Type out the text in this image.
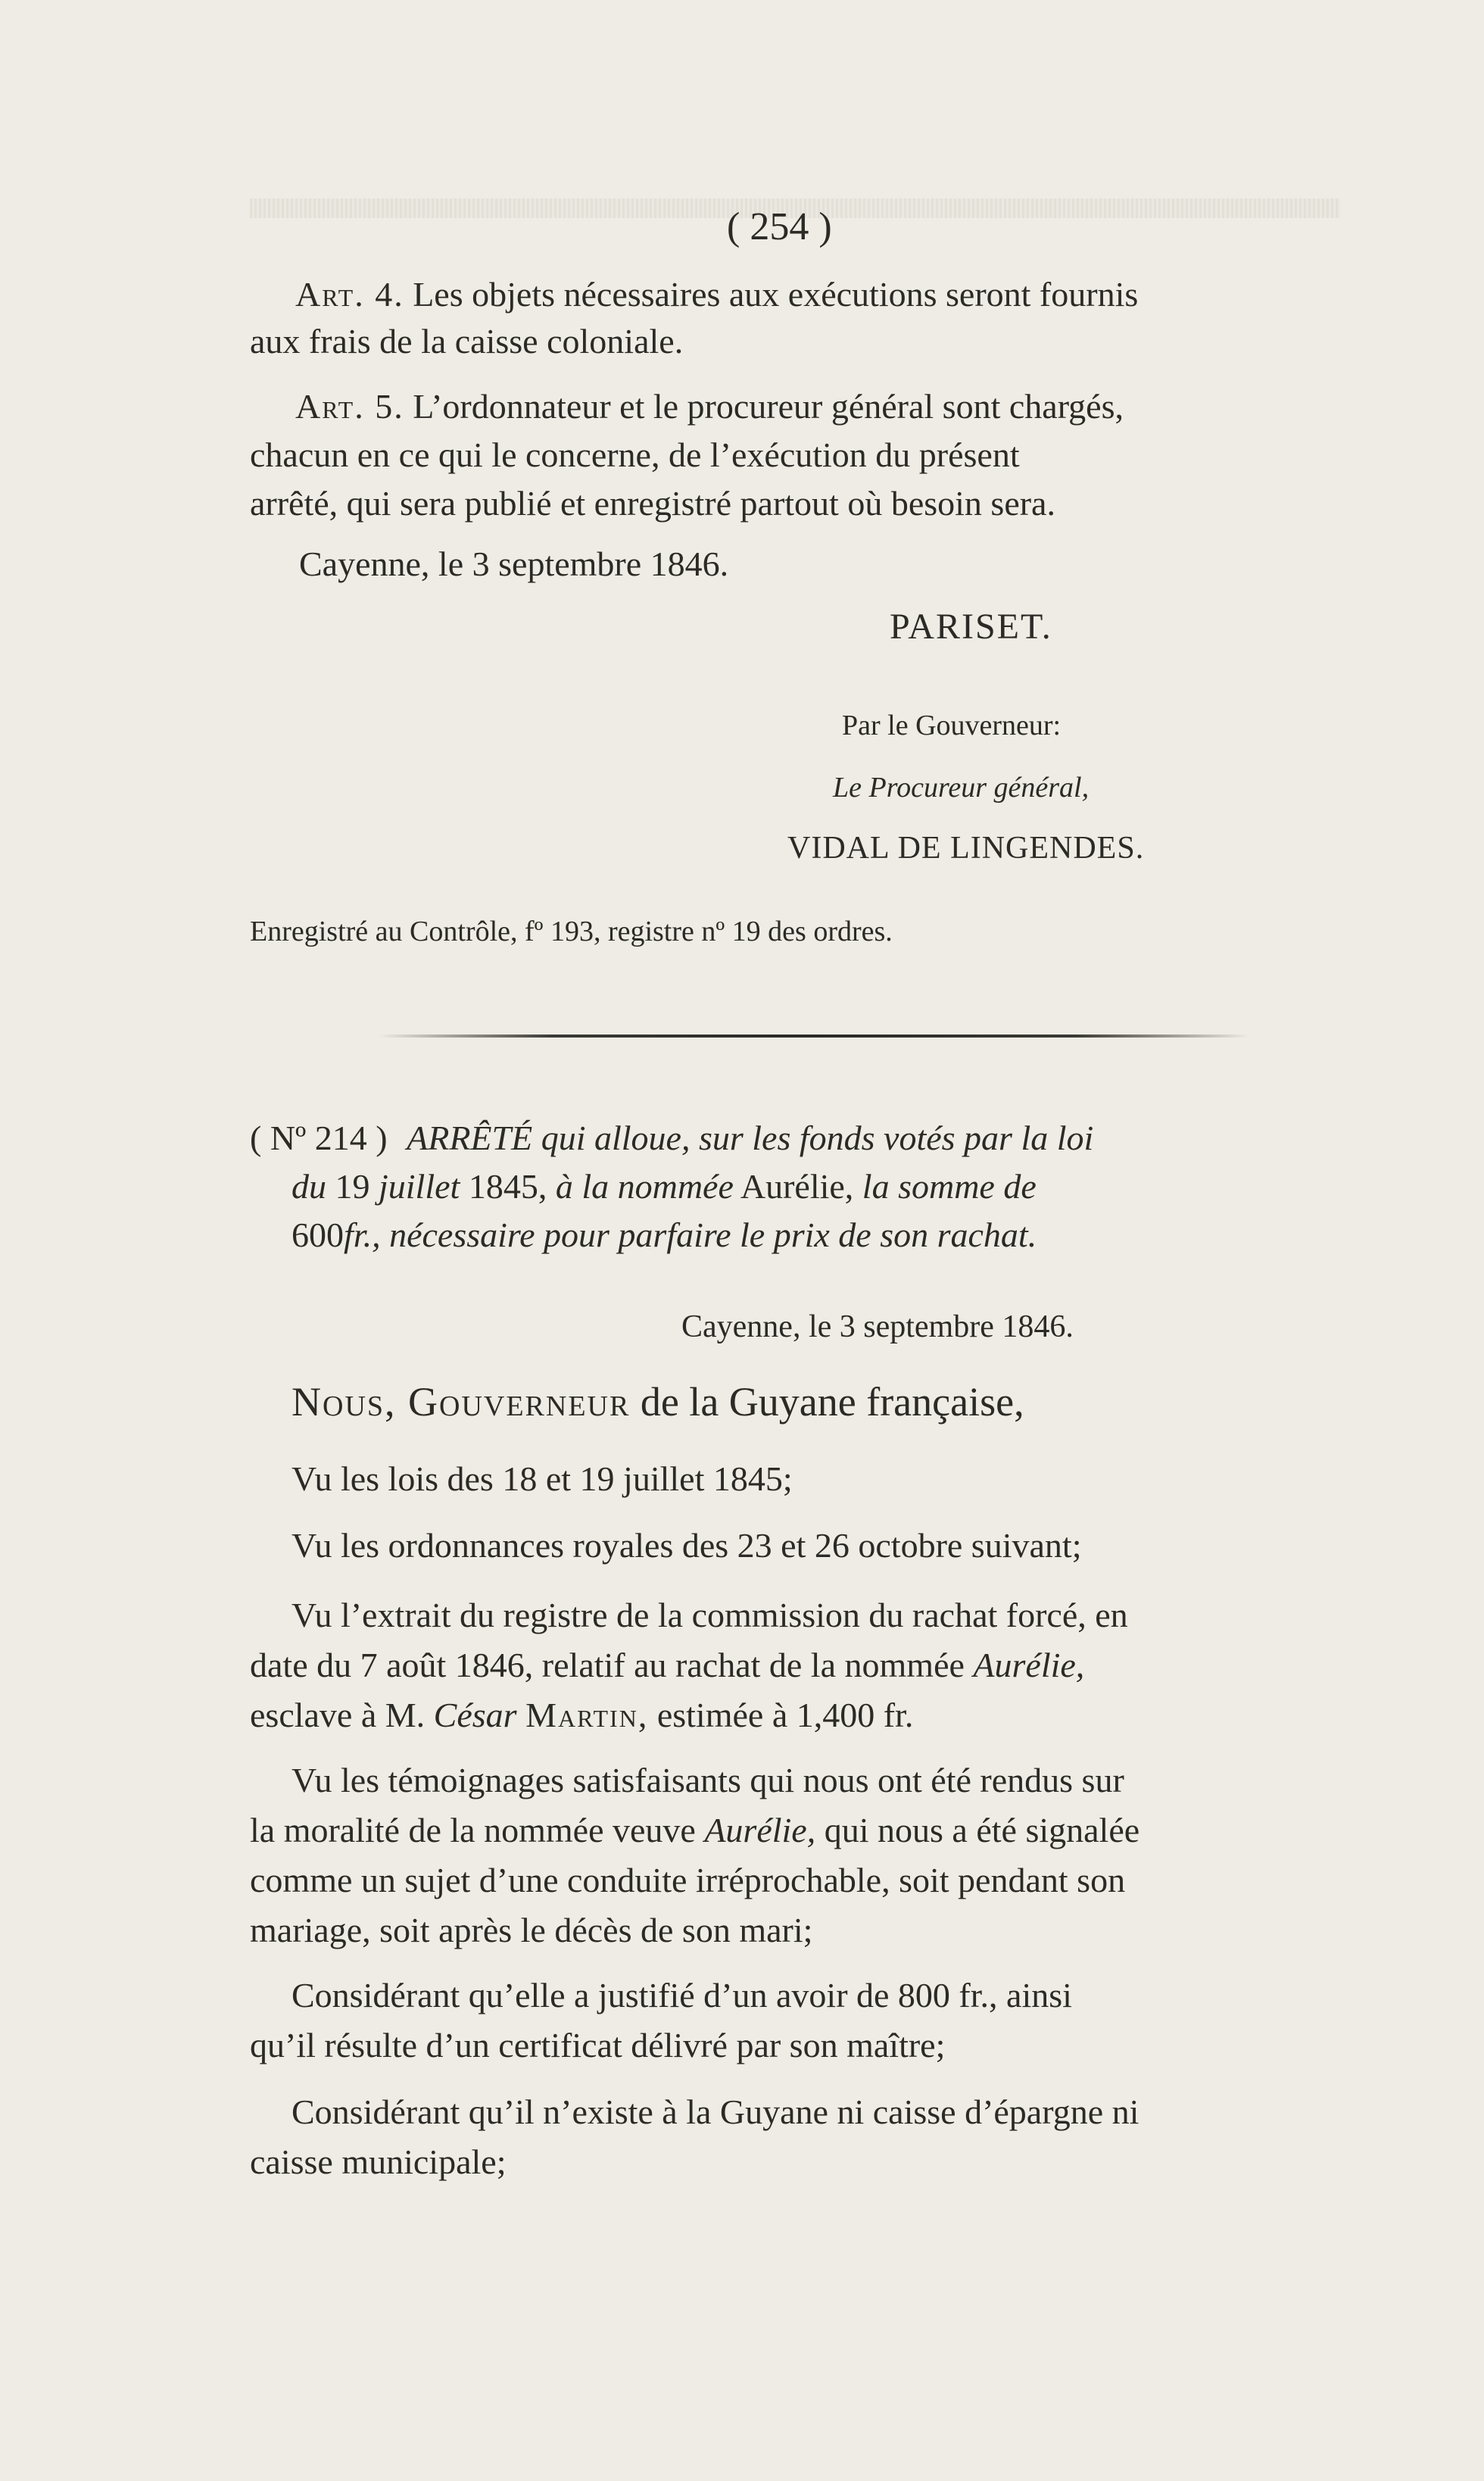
( 254 )
Art. 4. Les objets nécessaires aux exécutions seront fournis
aux frais de la caisse coloniale.
Art. 5. L’ordonnateur et le procureur général sont chargés,
chacun en ce qui le concerne, de l’exécution du présent
arrêté, qui sera publié et enregistré partout où besoin sera.
Cayenne, le 3 septembre 1846.
PARISET.
Par le Gouverneur:
Le Procureur général,
VIDAL DE LINGENDES.
Enregistré au Contrôle, fº 193, registre nº 19 des ordres.
( Nº 214 ) ARRÊTÉ qui alloue, sur les fonds votés par la loi
du 19 juillet 1845, à la nommée Aurélie, la somme de
600fr., nécessaire pour parfaire le prix de son rachat.
Cayenne, le 3 septembre 1846.
Nous, Gouverneur de la Guyane française,
Vu les lois des 18 et 19 juillet 1845;
Vu les ordonnances royales des 23 et 26 octobre suivant;
Vu l’extrait du registre de la commission du rachat forcé, en
date du 7 août 1846, relatif au rachat de la nommée Aurélie,
esclave à M. César Martin, estimée à 1,400 fr.
Vu les témoignages satisfaisants qui nous ont été rendus sur
la moralité de la nommée veuve Aurélie, qui nous a été signalée
comme un sujet d’une conduite irréprochable, soit pendant son
mariage, soit après le décès de son mari;
Considérant qu’elle a justifié d’un avoir de 800 fr., ainsi
qu’il résulte d’un certificat délivré par son maître;
Considérant qu’il n’existe à la Guyane ni caisse d’épargne ni
caisse municipale;
